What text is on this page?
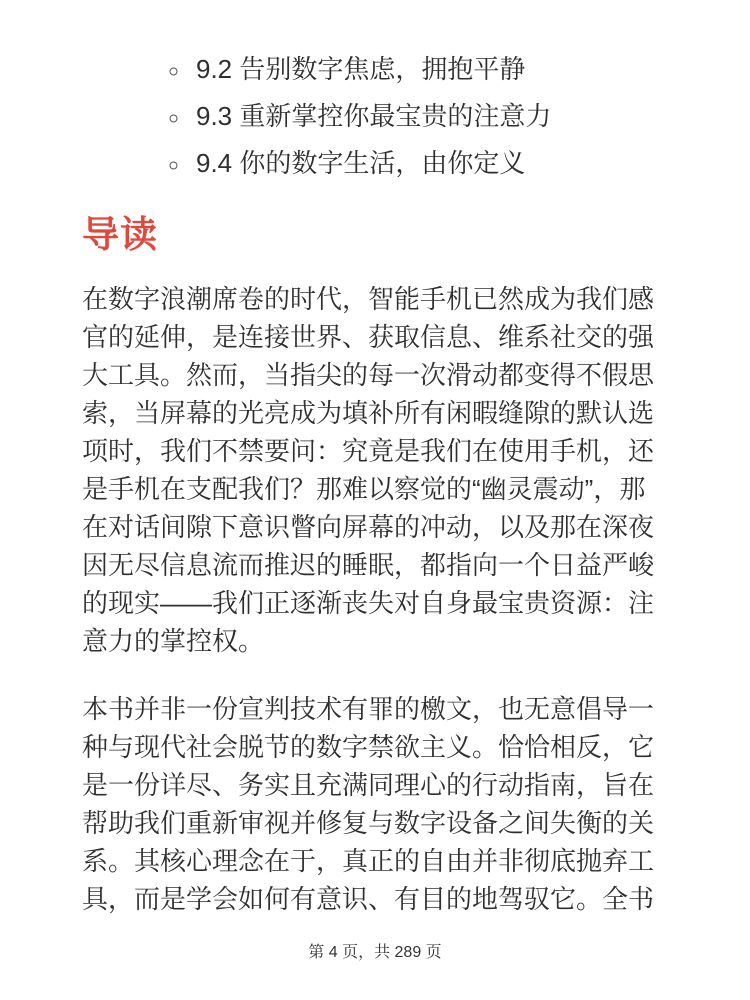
◦ 9.2 告别数字焦虑，拥抱平静
◦ 9.3 重新掌控你最宝贵的注意力
◦ 9.4 你的数字生活，由你定义
导读

在数字浪潮席卷的时代，智能手机已然成为我们感官的延伸，是连接世界、获取信息、维系社交的强大工具。然而，当指尖的每一次滑动都变得不假思索，当屏幕的光亮成为填补所有闲暇缝隙的默认选项时，我们不禁要问：究竟是我们在使用手机，还是手机在支配我们？那难以察觉的“幽灵震动”，那在对话间隙下意识瞥向屏幕的冲动，以及那在深夜因无尽信息流而推迟的睡眠，都指向一个日益严峻的现实——我们正逐渐丧失对自身最宝贵资源：注意力的掌控权。

本书并非一份宣判技术有罪的檄文，也无意倡导一种与现代社会脱节的数字禁欲主义。恰恰相反，它是一份详尽、务实且充满同理心的行动指南，旨在帮助我们重新审视并修复与数字设备之间失衡的关系。其核心理念在于，真正的自由并非彻底抛弃工具，而是学会如何有意识、有目的地驾驭它。全书

第 4 页，共 289 页
